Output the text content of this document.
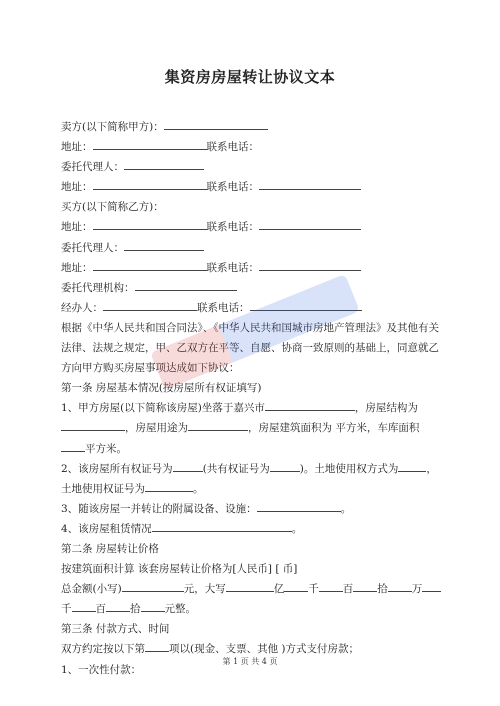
集资房房屋转让协议文本
卖方(以下简称甲方)：
地址：	联系电话：
委托代理人：
地址：	联系电话：
买方(以下简称乙方)：
地址：	联系电话：
委托代理人：
地址：	联系电话：
委托代理机构：
经办人：	联系电话：
根据《中华人民共和国合同法》、《中华人民共和国城市房地产管理法》及其他有关法律、法规之规定，甲、乙双方在平等、自愿、协商一致原则的基础上，同意就乙方向甲方购买房屋事项达成如下协议：
第一条 房屋基本情况(按房屋所有权证填写)
1、甲方房屋(以下简称该房屋)坐落于嘉兴市	，房屋结构为，房屋用途为	，房屋建筑面积为 平方米，车库面积平方米。
2、该房屋所有权证号为	(共有权证号为	)。土地使用权方式为	，土地使用权证号为	。
3、随该房屋一并转让的附属设备、设施：	。
4、该房屋租赁情况	。
第二条 房屋转让价格
按建筑面积计算 该套房屋转让价格为[人民币] [ 币]
总金额(小写)	元，大写	亿 千 百 拾 万
千 百 拾 元整。
第三条 付款方式、时间
双方约定按以下第 项以(现金、支票、其他 )方式支付房款；
1、一次性付款：
第 1 页 共 4 页
